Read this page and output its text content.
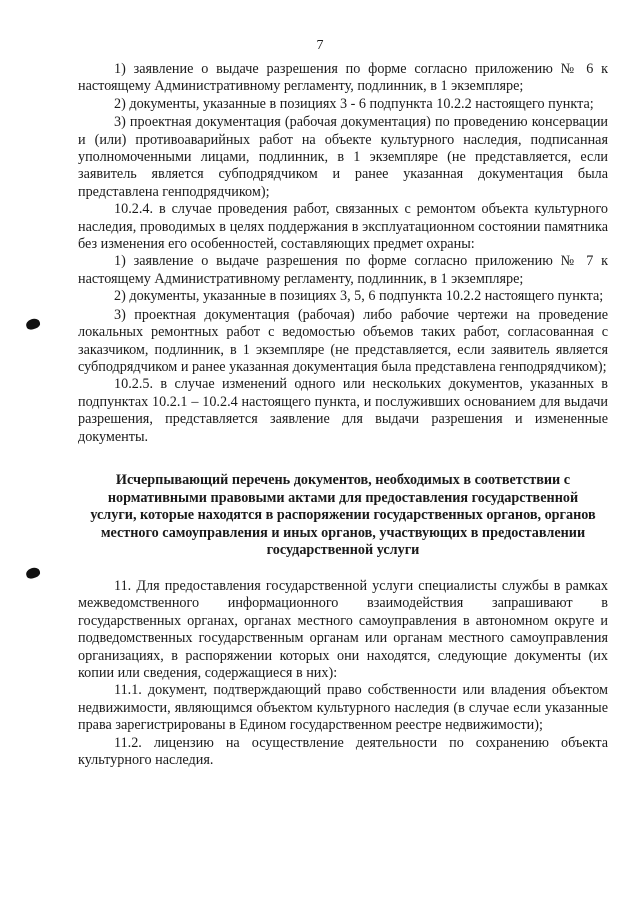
7

1) заявление о выдаче разрешения по форме согласно приложению № 6 к настоящему Административному регламенту, подлинник, в 1 экземпляре;

2) документы, указанные в позициях 3 - 6 подпункта 10.2.2 настоящего пункта;

3) проектная документация (рабочая документация) по проведению консервации и (или) противоаварийных работ на объекте культурного наследия, подписанная уполномоченными лицами, подлинник, в 1 экземпляре (не представляется, если заявитель является субподрядчиком и ранее указанная документация была представлена генподрядчиком);

10.2.4. в случае проведения работ, связанных с ремонтом объекта культурного наследия, проводимых в целях поддержания в эксплуатационном состоянии памятника без изменения его особенностей, составляющих предмет охраны:

1) заявление о выдаче разрешения по форме согласно приложению № 7 к настоящему Административному регламенту, подлинник, в 1 экземпляре;

2) документы, указанные в позициях 3, 5, 6 подпункта 10.2.2 настоящего пункта;

3) проектная документация (рабочая) либо рабочие чертежи на проведение локальных ремонтных работ с ведомостью объемов таких работ, согласованная с заказчиком, подлинник, в 1 экземпляре (не представляется, если заявитель является субподрядчиком и ранее указанная документация была представлена генподрядчиком);

10.2.5. в случае изменений одного или нескольких документов, указанных в подпунктах 10.2.1 – 10.2.4 настоящего пункта, и послуживших основанием для выдачи разрешения, представляется заявление для выдачи разрешения и измененные документы.

Исчерпывающий перечень документов, необходимых в соответствии с нормативными правовыми актами для предоставления государственной услуги, которые находятся в распоряжении государственных органов, органов местного самоуправления и иных органов, участвующих в предоставлении государственной услуги

11. Для предоставления государственной услуги специалисты службы в рамках межведомственного информационного взаимодействия запрашивают в государственных органах, органах местного самоуправления в автономном округе и подведомственных государственным органам или органам местного самоуправления организациях, в распоряжении которых они находятся, следующие документы (их копии или сведения, содержащиеся в них):

11.1. документ, подтверждающий право собственности или владения объектом недвижимости, являющимся объектом культурного наследия (в случае если указанные права зарегистрированы в Едином государственном реестре недвижимости);

11.2. лицензию на осуществление деятельности по сохранению объекта культурного наследия.
